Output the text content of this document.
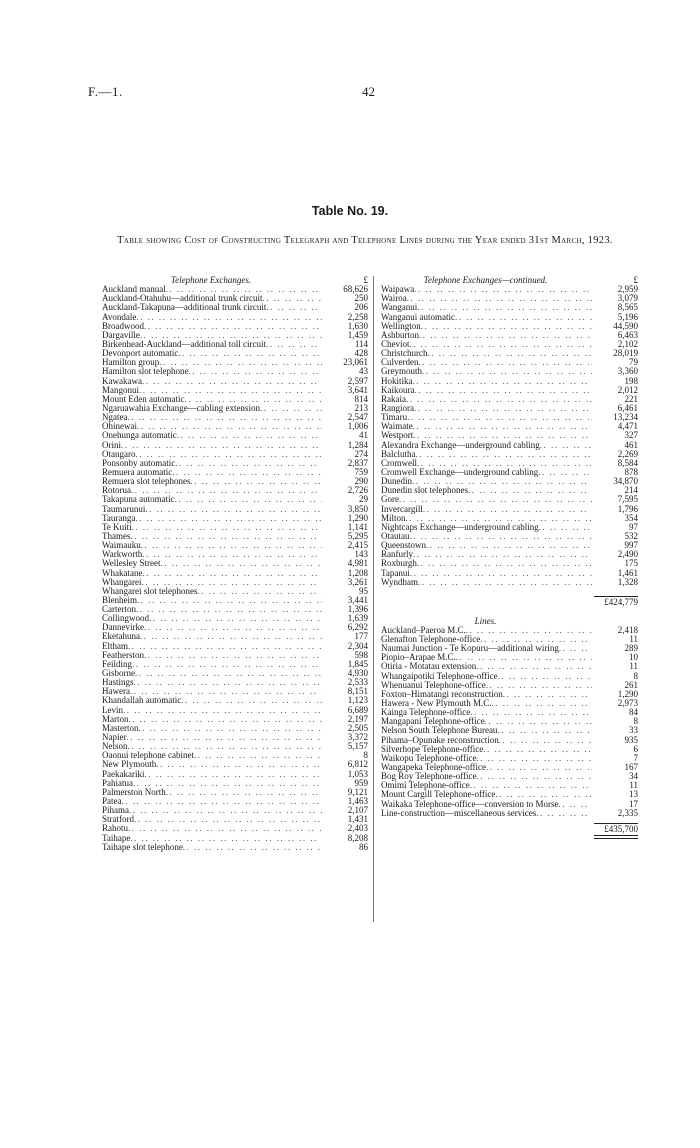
F.—1.	42
Table No. 19.
Table showing Cost of Constructing Telegraph and Telephone Lines during the Year ended 31st March, 1923.
Telephone Exchanges.	£
Auckland manual .. .	68,626
Auckland-Otahuhu—additional trunk circuit .. .	250
Auckland-Takapuna—additional trunk circuit .. .	206
Avondale .. .	2,258
Broadwood .. .	1,630
Dargaville .. .	1,459
Birkenhead-Auckland—additional toll circuit .. .	114
Devonport automatic .. .	428
Hamilton group .. .	23,061
Hamilton slot telephone .. .	43
Kawakawa .. .	2,597
Mangonui .. .	3,641
Mount Eden automatic .. .	814
Ngaruawahia Exchange—cabling extension .. .	213
Ngatea .. .	2,547
Ohinewai .. .	1,006
Onehunga automatic .. .	41
Orini .. .	1,284
Otangaro .. .	274
Ponsonby automatic .. .	2,837
Remuera automatic .. .	759
Remuera slot telephones .. .	290
Rotorua .. .	2,726
Takapuna automatic .. .	29
Taumarunui .. .	3,850
Tauranga .. .	1,290
Te Kuiti .. .	1,141
Thames .. .	5,295
Waimauku .. .	2,415
Warkworth .. .	143
Wellesley Street .. .	4,981
Whakatane .. .	1,208
Whangarei .. .	3,261
Whangarei slot telephones .. .	95
Blenheim .. .	3,441
Carterton .. .	1,396
Collingwood .. .	1,639
Dannevirke .. .	6,292
Eketahuna .. .	177
Eltham .. .	2,304
Featherston .. .	598
Feilding .. .	1,845
Gisborne .. .	4,930
Hastings .. .	2,533
Hawera .. .	8,151
Khandallah automatic .. .	1,123
Levin .. .	6,689
Marton .. .	2,197
Masterton .. .	2,505
Napier .. .	3,372
Nelson .. .	5,157
Oaonui telephone cabinet .. .	8
New Plymouth .. .	6,812
Paekakariki .. .	1,053
Pahiatua .. .	959
Palmerston North .. .	9,121
Patea .. .	1,463
Pihama .. .	2,107
Stratford .. .	1,431
Rahotu .. .	2,403
Taihape .. .	8,208
Taihape slot telephone .. .	86
Telephone Exchanges—continued.	£
Waipawa .. .	2,959
Wairoa .. .	3,079
Wanganui .. .	8,565
Wanganui automatic .. .	5,196
Wellington .. .	44,590
Ashburton .. .	6,463
Cheviot .. .	2,102
Christchurch .. .	28,019
Culverden .. .	79
Greymouth .. .	3,360
Hokitika .. .	198
Kaikoura .. .	2,012
Rakaia .. .	221
Rangiora .. .	6,461
Timaru .. .	13,234
Waimate .. .	4,471
Westport .. .	327
Alexandra Exchange—underground cabling .. .	461
Balclutha .. .	2,269
Cromwell .. .	8,584
Cromwell Exchange—underground cabling .. .	878
Dunedin .. .	34,870
Dunedin slot telephones .. .	214
Gore .. .	7,595
Invercargill .. .	1,796
Milton .. .	354
Nightcaps Exchange—underground cabling .. .	97
Otautau .. .	532
Queenstown .. .	997
Ranfurly .. .	2,490
Roxburgh .. .	175
Tapanui .. .	1,461
Wyndham .. .	1,328
£424,779
Lines.
Auckland–Paeroa M.C. .. .	2,418
Glenafton Telephone-office .. .	11
Naumai Junction - Te Kopuru—additional wiring .. .	289
Piopio–Arapae M.C. .. .	10
Otiria - Motatau extension .. .	11
Whangaipotiki Telephone-office .. .	8
Whenuanui Telephone-office .. .	261
Foxton–Himatangi reconstruction .. .	1,290
Hawera - New Plymouth M.C. .. .	2,973
Kainga Telephone-office .. .	84
Mangapani Telephone-office .. .	8
Nelson South Telephone Bureau .. .	33
Pihama–Opunake reconstruction .. .	935
Silverhope Telephone-office .. .	6
Waikopu Telephone-office .. .	7
Wangapeka Telephone-office .. .	167
Bog Roy Telephone-office .. .	34
Omimi Telephone-office .. .	11
Mount Cargill Telephone-office .. .	13
Waikaka Telephone-office—conversion to Morse .. .	17
Line-construction—miscellaneous services .. .	2,335
£435,700
